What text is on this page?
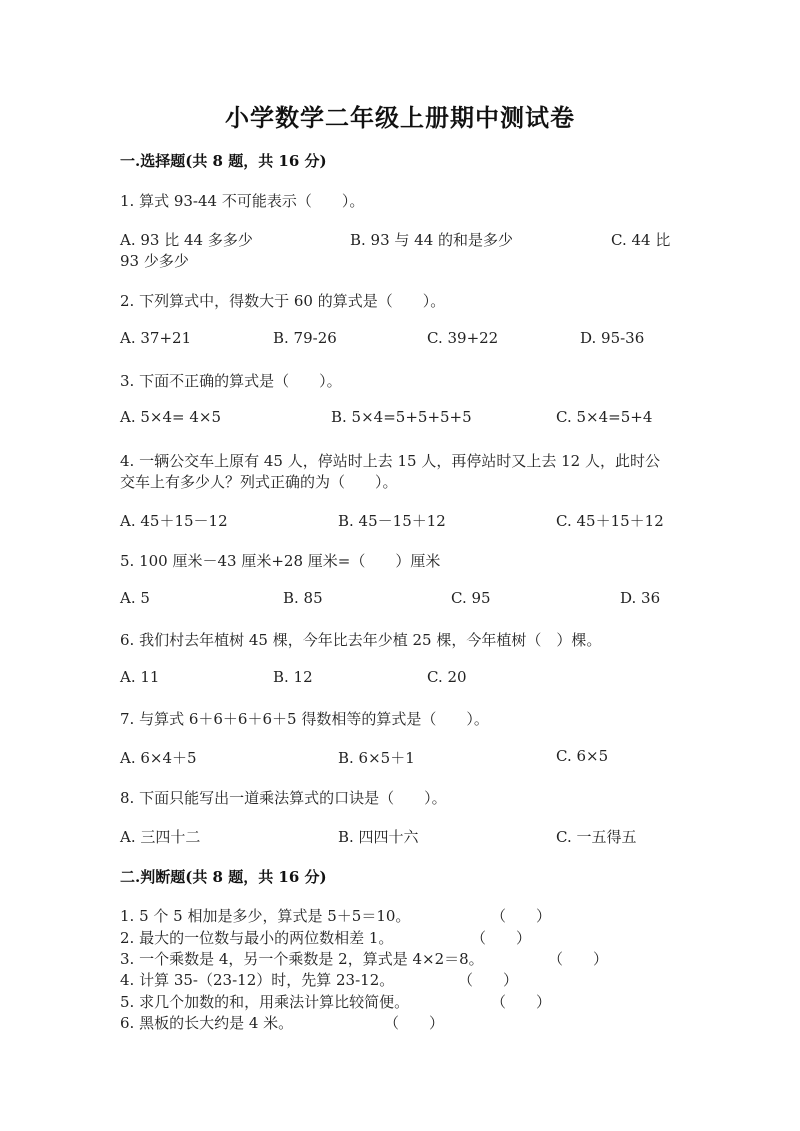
小学数学二年级上册期中测试卷
一.选择题(共 8 题，共 16 分)
1. 算式 93-44 不可能表示（　　）。
A. 93 比 44 多多少	B. 93 与 44 的和是多少	C. 44 比
93 少多少
2. 下列算式中，得数大于 60 的算式是（　　）。
A. 37+21	B. 79-26	C. 39+22	D. 95-36
3. 下面不正确的算式是（　　）。
A. 5×4= 4×5	B. 5×4=5+5+5+5	C. 5×4=5+4
4. 一辆公交车上原有 45 人，停站时上去 15 人，再停站时又上去 12 人，此时公
交车上有多少人？列式正确的为（　　）。
A. 45＋15－12	B. 45－15＋12	C. 45＋15＋12
5. 100 厘米－43 厘米+28 厘米=（　　）厘米
A. 5	B. 85	C. 95	D. 36
6. 我们村去年植树 45 棵，今年比去年少植 25 棵，今年植树（　）棵。
A. 11	B. 12	C. 20
7. 与算式 6＋6＋6＋6＋5 得数相等的算式是（　　）。
A. 6×4＋5	B. 6×5＋1	C. 6×5
8. 下面只能写出一道乘法算式的口诀是（　　）。
A. 三四十二	B. 四四十六	C. 一五得五
二.判断题(共 8 题，共 16 分)
1. 5 个 5 相加是多少，算式是 5＋5＝10。	（　　）
2. 最大的一位数与最小的两位数相差 1。	（　　）
3. 一个乘数是 4，另一个乘数是 2，算式是 4×2＝8。	（　　）
4. 计算 35-（23-12）时，先算 23-12。	（　　）
5. 求几个加数的和，用乘法计算比较简便。	（　　）
6. 黑板的长大约是 4 米。	（　　）
